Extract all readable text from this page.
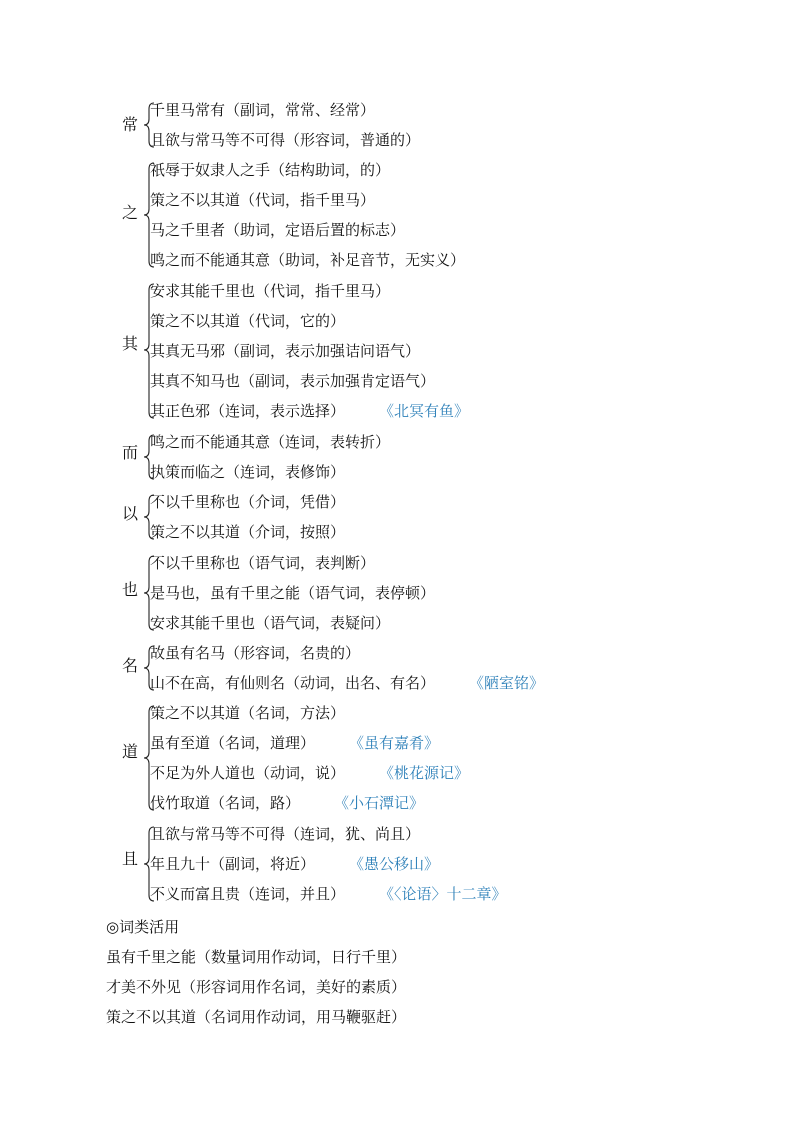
常
千里马常有（副词，常常、经常）
且欲与常马等不可得（形容词，普通的）
之
祇辱于奴隶人之手（结构助词，的）
策之不以其道（代词，指千里马）
马之千里者（助词，定语后置的标志）
鸣之而不能通其意（助词，补足音节，无实义）
其
安求其能千里也（代词，指千里马）
策之不以其道（代词，它的）
其真无马邪（副词，表示加强诘问语气）
其真不知马也（副词，表示加强肯定语气）
其正色邪（连词，表示选择） 《北冥有鱼》
而
鸣之而不能通其意（连词，表转折）
执策而临之（连词，表修饰）
以
不以千里称也（介词，凭借）
策之不以其道（介词，按照）
也
不以千里称也（语气词，表判断）
是马也，虽有千里之能（语气词，表停顿）
安求其能千里也（语气词，表疑问）
名
故虽有名马（形容词，名贵的）
山不在高，有仙则名（动词，出名、有名） 《陋室铭》
道
策之不以其道（名词，方法）
虽有至道（名词，道理） 《虽有嘉肴》
不足为外人道也（动词，说） 《桃花源记》
伐竹取道（名词，路） 《小石潭记》
且
且欲与常马等不可得（连词，犹、尚且）
年且九十（副词，将近） 《愚公移山》
不义而富且贵（连词，并且） 《〈论语〉十二章》
◎词类活用
虽有千里之能（数量词用作动词，日行千里）
才美不外见（形容词用作名词，美好的素质）
策之不以其道（名词用作动词，用马鞭驱赶）
